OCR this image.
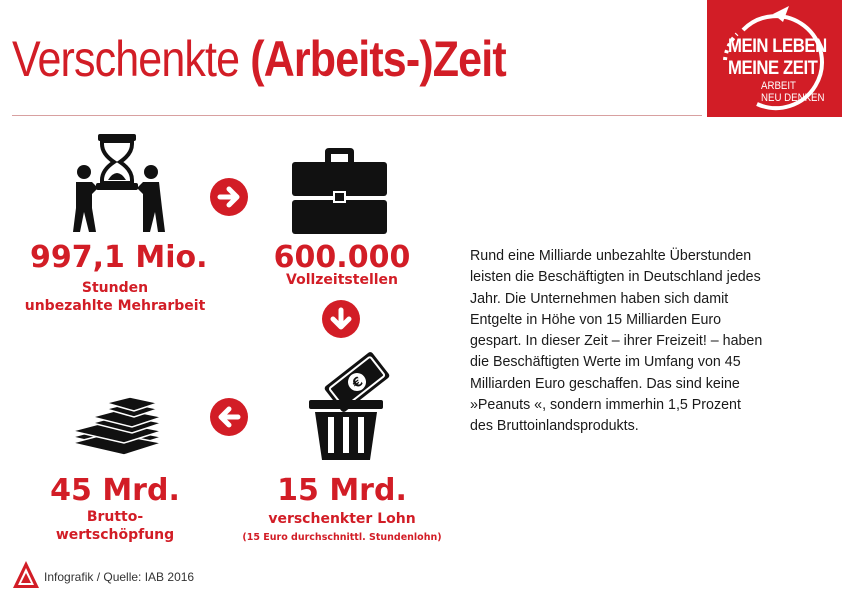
Verschenkte (Arbeits-)Zeit	MEIN LEBEN
MEINE ZEIT
ARBEIT
NEU DENKEN
€
997,1 Mio.
Stunden
unbezahlte Mehrarbeit
600.000
Vollzeitstellen
15 Mrd.
verschenkter Lohn
(15 Euro durchschnittl. Stundenlohn)
45 Mrd.
Brutto-
wertschöpfung
Rund eine Milliarde unbezahlte Überstunden leisten die Beschäftigten in Deutschland jedes Jahr. Die Unternehmen haben sich damit Entgelte in Höhe von 15 Milliarden Euro gespart. In dieser Zeit – ihrer Freizeit! – haben die Beschäftigten Werte im Umfang von 45 Milliarden Euro geschaffen. Das sind keine »Peanuts «, sondern immerhin 1,5 Prozent des Bruttoinlandsprodukts.
Infografik / Quelle: IAB 2016
